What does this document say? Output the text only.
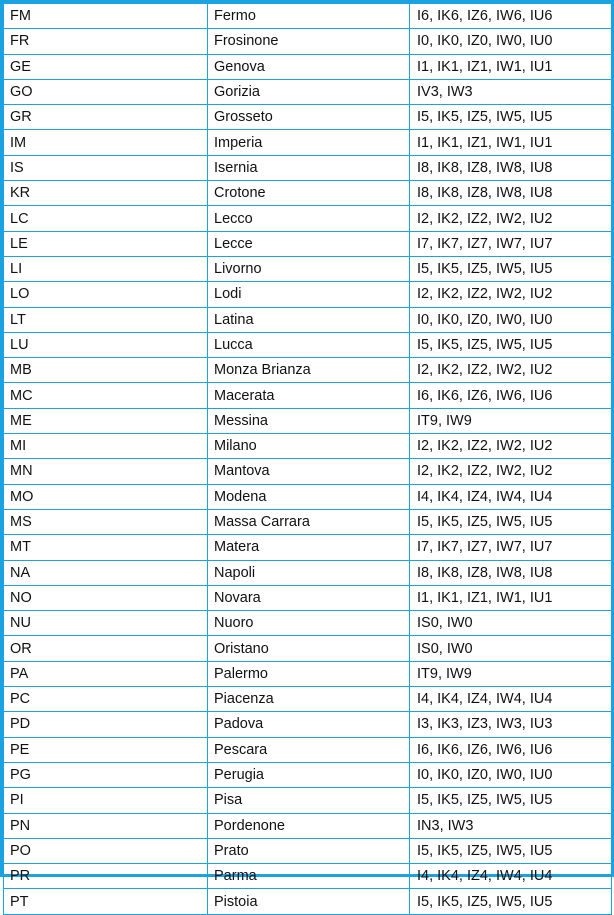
FM	Fermo	I6, IK6, IZ6, IW6, IU6
FR	Frosinone	I0, IK0, IZ0, IW0, IU0
GE	Genova	I1, IK1, IZ1, IW1, IU1
GO	Gorizia	IV3, IW3
GR	Grosseto	I5, IK5, IZ5, IW5, IU5
IM	Imperia	I1, IK1, IZ1, IW1, IU1
IS	Isernia	I8, IK8, IZ8, IW8, IU8
KR	Crotone	I8, IK8, IZ8, IW8, IU8
LC	Lecco	I2, IK2, IZ2, IW2, IU2
LE	Lecce	I7, IK7, IZ7, IW7, IU7
LI	Livorno	I5, IK5, IZ5, IW5, IU5
LO	Lodi	I2, IK2, IZ2, IW2, IU2
LT	Latina	I0, IK0, IZ0, IW0, IU0
LU	Lucca	I5, IK5, IZ5, IW5, IU5
MB	Monza Brianza	I2, IK2, IZ2, IW2, IU2
MC	Macerata	I6, IK6, IZ6, IW6, IU6
ME	Messina	IT9, IW9
MI	Milano	I2, IK2, IZ2, IW2, IU2
MN	Mantova	I2, IK2, IZ2, IW2, IU2
MO	Modena	I4, IK4, IZ4, IW4, IU4
MS	Massa Carrara	I5, IK5, IZ5, IW5, IU5
MT	Matera	I7, IK7, IZ7, IW7, IU7
NA	Napoli	I8, IK8, IZ8, IW8, IU8
NO	Novara	I1, IK1, IZ1, IW1, IU1
NU	Nuoro	IS0, IW0
OR	Oristano	IS0, IW0
PA	Palermo	IT9, IW9
PC	Piacenza	I4, IK4, IZ4, IW4, IU4
PD	Padova	I3, IK3, IZ3, IW3, IU3
PE	Pescara	I6, IK6, IZ6, IW6, IU6
PG	Perugia	I0, IK0, IZ0, IW0, IU0
PI	Pisa	I5, IK5, IZ5, IW5, IU5
PN	Pordenone	IN3, IW3
PO	Prato	I5, IK5, IZ5, IW5, IU5
PR	Parma	I4, IK4, IZ4, IW4, IU4
PT	Pistoia	I5, IK5, IZ5, IW5, IU5
